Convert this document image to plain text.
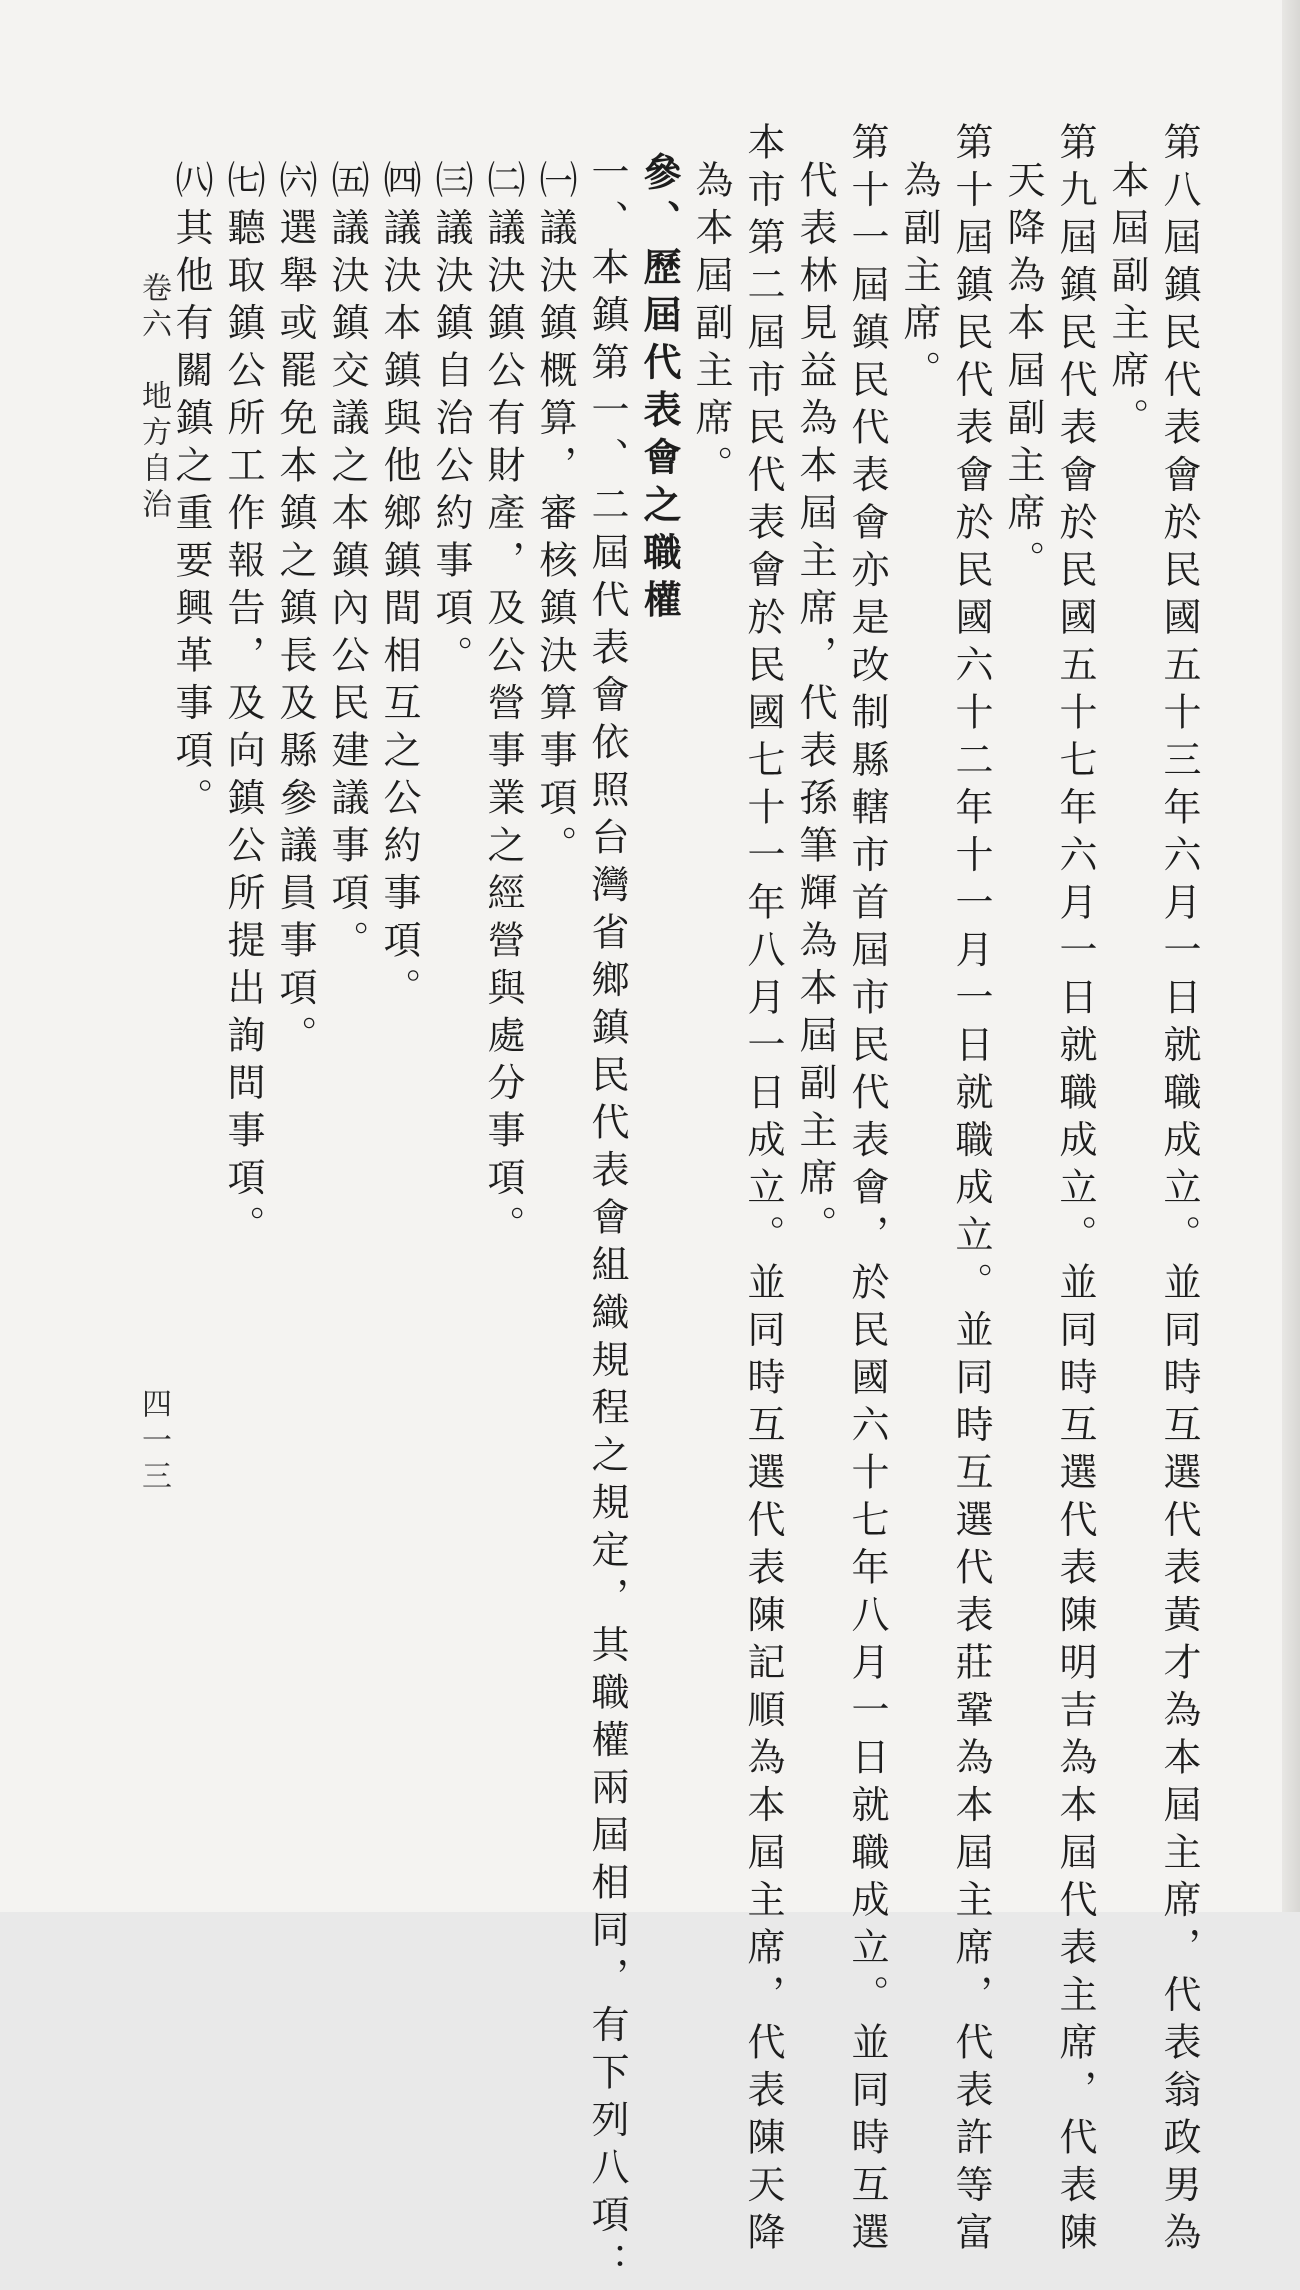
第八屆鎮民代表會於民國五十三年六月一日就職成立。並同時互選代表黃才為本屆主席，代表翁政男為
本屆副主席。
第九屆鎮民代表會於民國五十七年六月一日就職成立。並同時互選代表陳明吉為本屆代表主席，代表陳
天降為本屆副主席。
第十屆鎮民代表會於民國六十二年十一月一日就職成立。並同時互選代表莊鞏為本屆主席，代表許等富
為副主席。
第十一屆鎮民代表會亦是改制縣轄市首屆市民代表會，於民國六十七年八月一日就職成立。並同時互選
代表林見益為本屆主席，代表孫筆輝為本屆副主席。
本市第二屆市民代表會於民國七十一年八月一日成立。並同時互選代表陳記順為本屆主席，代表陳天降
為本屆副主席。
參、歷屆代表會之職權
一、本鎮第一、二屆代表會依照台灣省鄉鎮民代表會組織規程之規定，其職權兩屆相同，有下列八項：
㈠議決鎮概算，審核鎮決算事項。
㈡議決鎮公有財產，及公營事業之經營與處分事項。
㈢議決鎮自治公約事項。
㈣議決本鎮與他鄉鎮間相互之公約事項。
㈤議決鎮交議之本鎮內公民建議事項。
㈥選舉或罷免本鎮之鎮長及縣參議員事項。
㈦聽取鎮公所工作報告，及向鎮公所提出詢問事項。
㈧其他有關鎮之重要興革事項。
卷六　地方自治
四一三
